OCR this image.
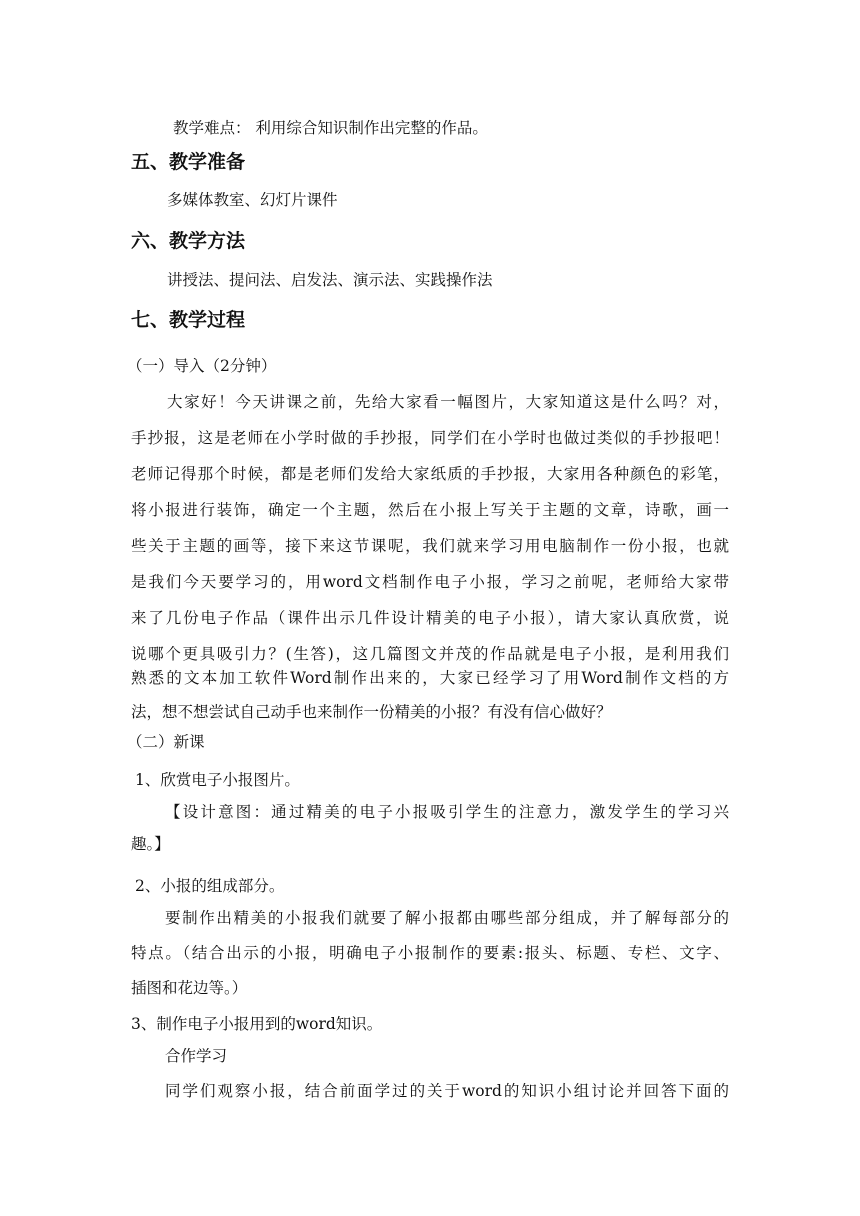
教学难点： 利用综合知识制作出完整的作品。
五、教学准备
多媒体教室、幻灯片课件
六、教学方法
讲授法、提问法、启发法、演示法、实践操作法
七、教学过程
（一）导入（2分钟）
大家好！今天讲课之前，先给大家看一幅图片，大家知道这是什么吗？对，
手抄报，这是老师在小学时做的手抄报，同学们在小学时也做过类似的手抄报吧！
老师记得那个时候，都是老师们发给大家纸质的手抄报，大家用各种颜色的彩笔，
将小报进行装饰，确定一个主题，然后在小报上写关于主题的文章，诗歌，画一
些关于主题的画等，接下来这节课呢，我们就来学习用电脑制作一份小报，也就
是我们今天要学习的，用word文档制作电子小报，学习之前呢，老师给大家带
来了几份电子作品（课件出示几件设计精美的电子小报），请大家认真欣赏，说
说哪个更具吸引力？(生答)，这几篇图文并茂的作品就是电子小报，是利用我们
熟悉的文本加工软件Word制作出来的，大家已经学习了用Word制作文档的方
法，想不想尝试自己动手也来制作一份精美的小报？有没有信心做好？
（二）新课
1、欣赏电子小报图片。
【设计意图：通过精美的电子小报吸引学生的注意力，激发学生的学习兴
趣。】
2、小报的组成部分。
要制作出精美的小报我们就要了解小报都由哪些部分组成，并了解每部分的
特点。（结合出示的小报，明确电子小报制作的要素:报头、标题、专栏、文字、
插图和花边等。）
3、制作电子小报用到的word知识。
合作学习
同学们观察小报，结合前面学过的关于word的知识小组讨论并回答下面的
